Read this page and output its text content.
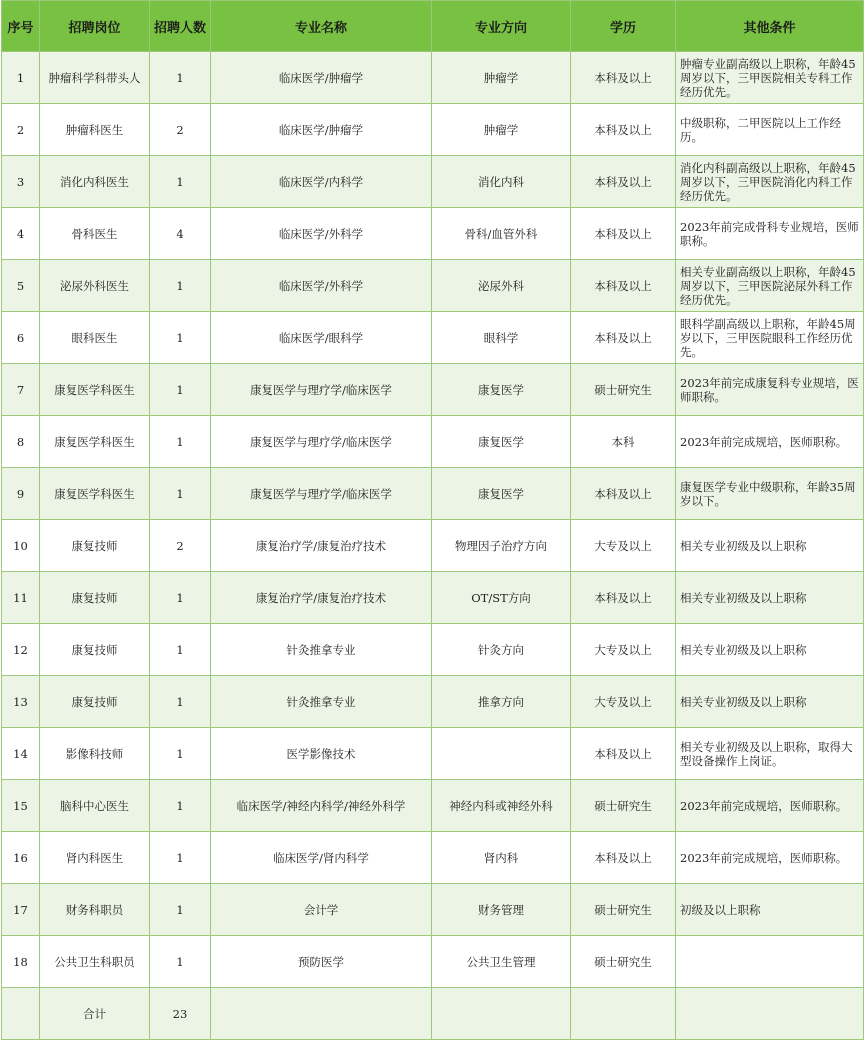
序号	招聘岗位	招聘人数	专业名称	专业方向	学历	其他条件
1	肿瘤科学科带头人	1	临床医学/肿瘤学	肿瘤学	本科及以上	肿瘤专业副高级以上职称，年龄45周岁以下，三甲医院相关专科工作经历优先。
2	肿瘤科医生	2	临床医学/肿瘤学	肿瘤学	本科及以上	中级职称，二甲医院以上工作经历。
3	消化内科医生	1	临床医学/内科学	消化内科	本科及以上	消化内科副高级以上职称，年龄45周岁以下，三甲医院消化内科工作经历优先。
4	骨科医生	4	临床医学/外科学	骨科/血管外科	本科及以上	2023年前完成骨科专业规培，医师职称。
5	泌尿外科医生	1	临床医学/外科学	泌尿外科	本科及以上	相关专业副高级以上职称，年龄45周岁以下，三甲医院泌尿外科工作经历优先。
6	眼科医生	1	临床医学/眼科学	眼科学	本科及以上	眼科学副高级以上职称，年龄45周岁以下，三甲医院眼科工作经历优先。
7	康复医学科医生	1	康复医学与理疗学/临床医学	康复医学	硕士研究生	2023年前完成康复科专业规培，医师职称。
8	康复医学科医生	1	康复医学与理疗学/临床医学	康复医学	本科	2023年前完成规培，医师职称。
9	康复医学科医生	1	康复医学与理疗学/临床医学	康复医学	本科及以上	康复医学专业中级职称，年龄35周岁以下。
10	康复技师	2	康复治疗学/康复治疗技术	物理因子治疗方向	大专及以上	相关专业初级及以上职称
11	康复技师	1	康复治疗学/康复治疗技术	OT/ST方向	本科及以上	相关专业初级及以上职称
12	康复技师	1	针灸推拿专业	针灸方向	大专及以上	相关专业初级及以上职称
13	康复技师	1	针灸推拿专业	推拿方向	大专及以上	相关专业初级及以上职称
14	影像科技师	1	医学影像技术		本科及以上	相关专业初级及以上职称，取得大型设备操作上岗证。
15	脑科中心医生	1	临床医学/神经内科学/神经外科学	神经内科或神经外科	硕士研究生	2023年前完成规培，医师职称。
16	肾内科医生	1	临床医学/肾内科学	肾内科	本科及以上	2023年前完成规培，医师职称。
17	财务科职员	1	会计学	财务管理	硕士研究生	初级及以上职称
18	公共卫生科职员	1	预防医学	公共卫生管理	硕士研究生	
	合计	23				
